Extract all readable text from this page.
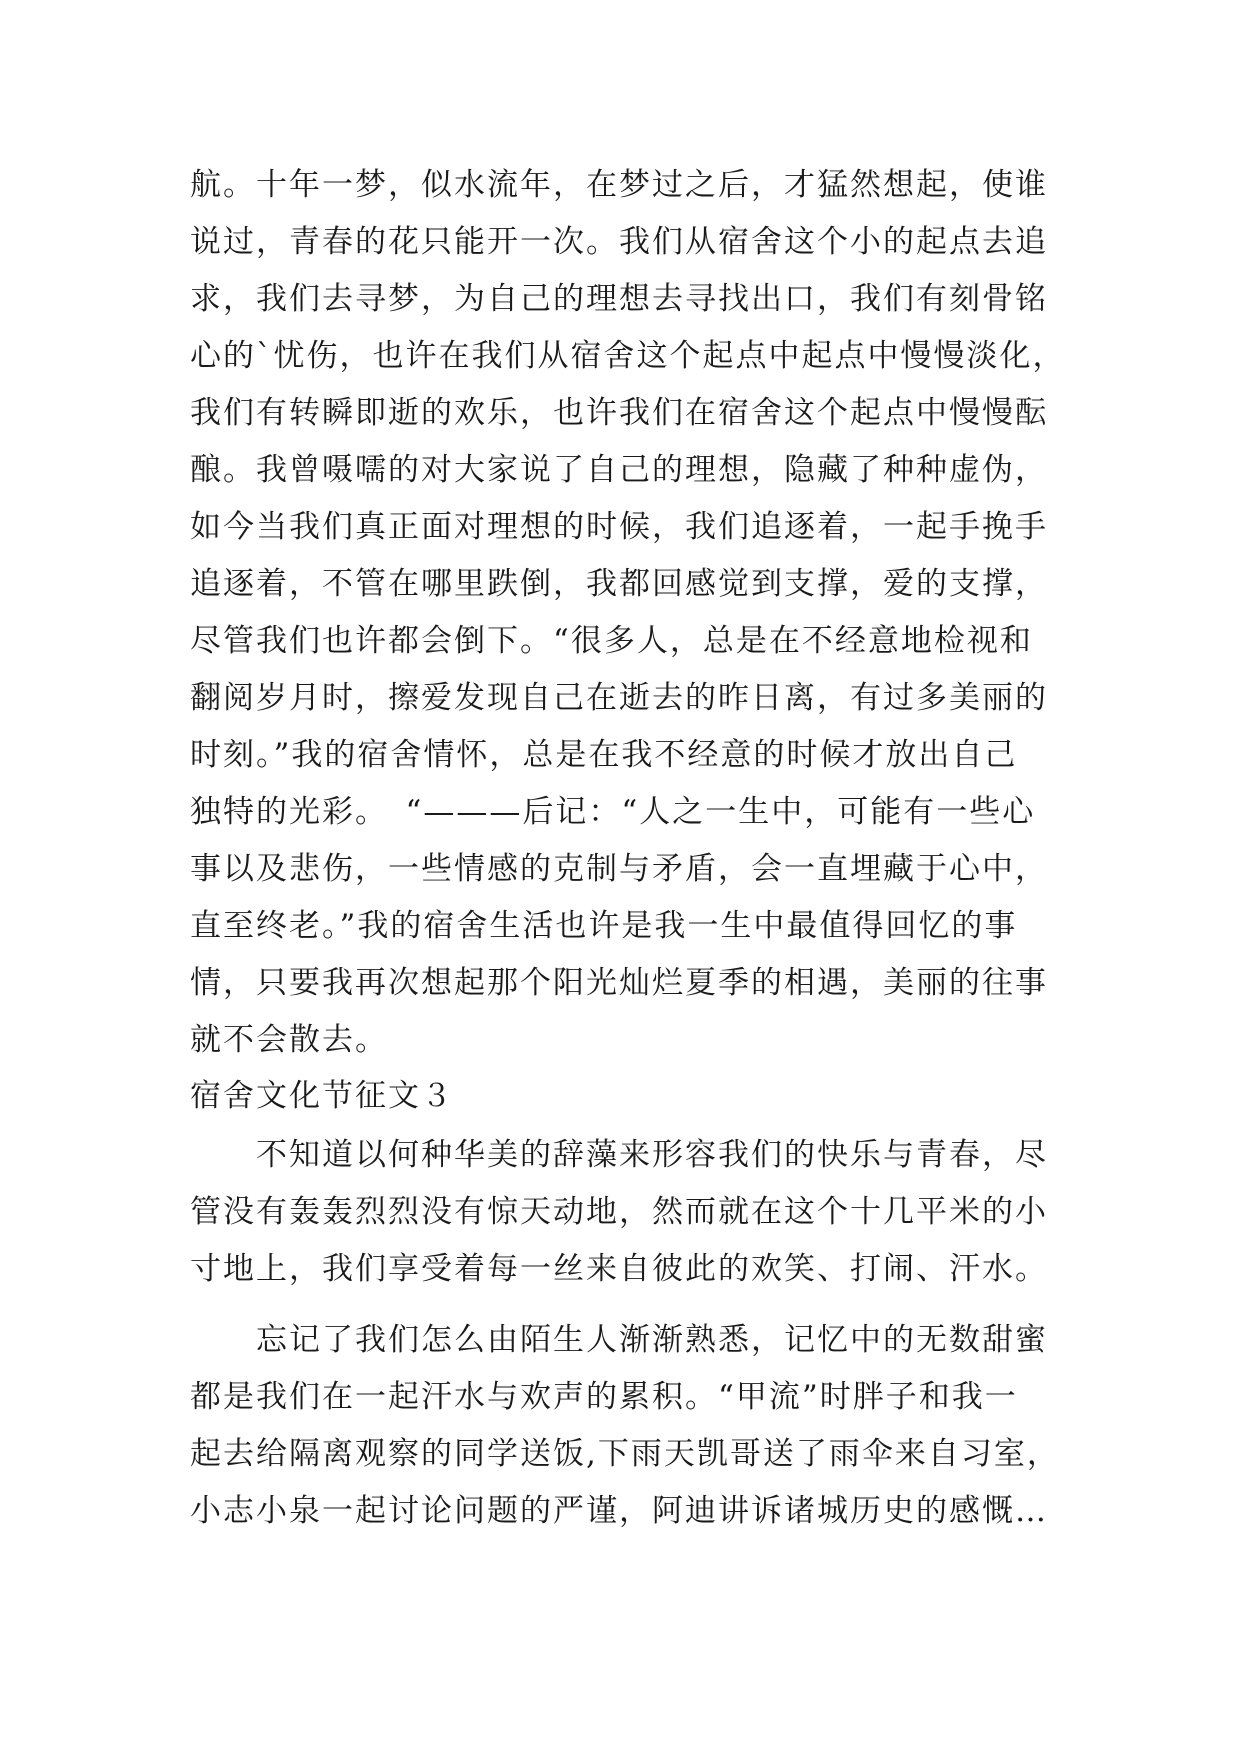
航。十年一梦，似水流年，在梦过之后，才猛然想起，使谁
说过，青春的花只能开一次。我们从宿舍这个小的起点去追
求，我们去寻梦，为自己的理想去寻找出口，我们有刻骨铭
心的`忧伤，也许在我们从宿舍这个起点中起点中慢慢淡化，
我们有转瞬即逝的欢乐，也许我们在宿舍这个起点中慢慢酝
酿。我曾嗫嚅的对大家说了自己的理想，隐藏了种种虚伪，
如今当我们真正面对理想的时候，我们追逐着，一起手挽手
追逐着，不管在哪里跌倒，我都回感觉到支撑，爱的支撑，
尽管我们也许都会倒下。“很多人，总是在不经意地检视和
翻阅岁月时，擦爱发现自己在逝去的昨日离，有过多美丽的
时刻。”我的宿舍情怀，总是在我不经意的时候才放出自己
独特的光彩。　“———后记：“人之一生中，可能有一些心
事以及悲伤，一些情感的克制与矛盾，会一直埋藏于心中，
直至终老。”我的宿舍生活也许是我一生中最值得回忆的事
情，只要我再次想起那个阳光灿烂夏季的相遇，美丽的往事
就不会散去。
宿舍文化节征文３
不知道以何种华美的辞藻来形容我们的快乐与青春，尽
管没有轰轰烈烈没有惊天动地，然而就在这个十几平米的小
寸地上，我们享受着每一丝来自彼此的欢笑、打闹、汗水。
忘记了我们怎么由陌生人渐渐熟悉，记忆中的无数甜蜜
都是我们在一起汗水与欢声的累积。“甲流”时胖子和我一
起去给隔离观察的同学送饭,下雨天凯哥送了雨伞来自习室，
小志小泉一起讨论问题的严谨，阿迪讲诉诸城历史的感慨…
